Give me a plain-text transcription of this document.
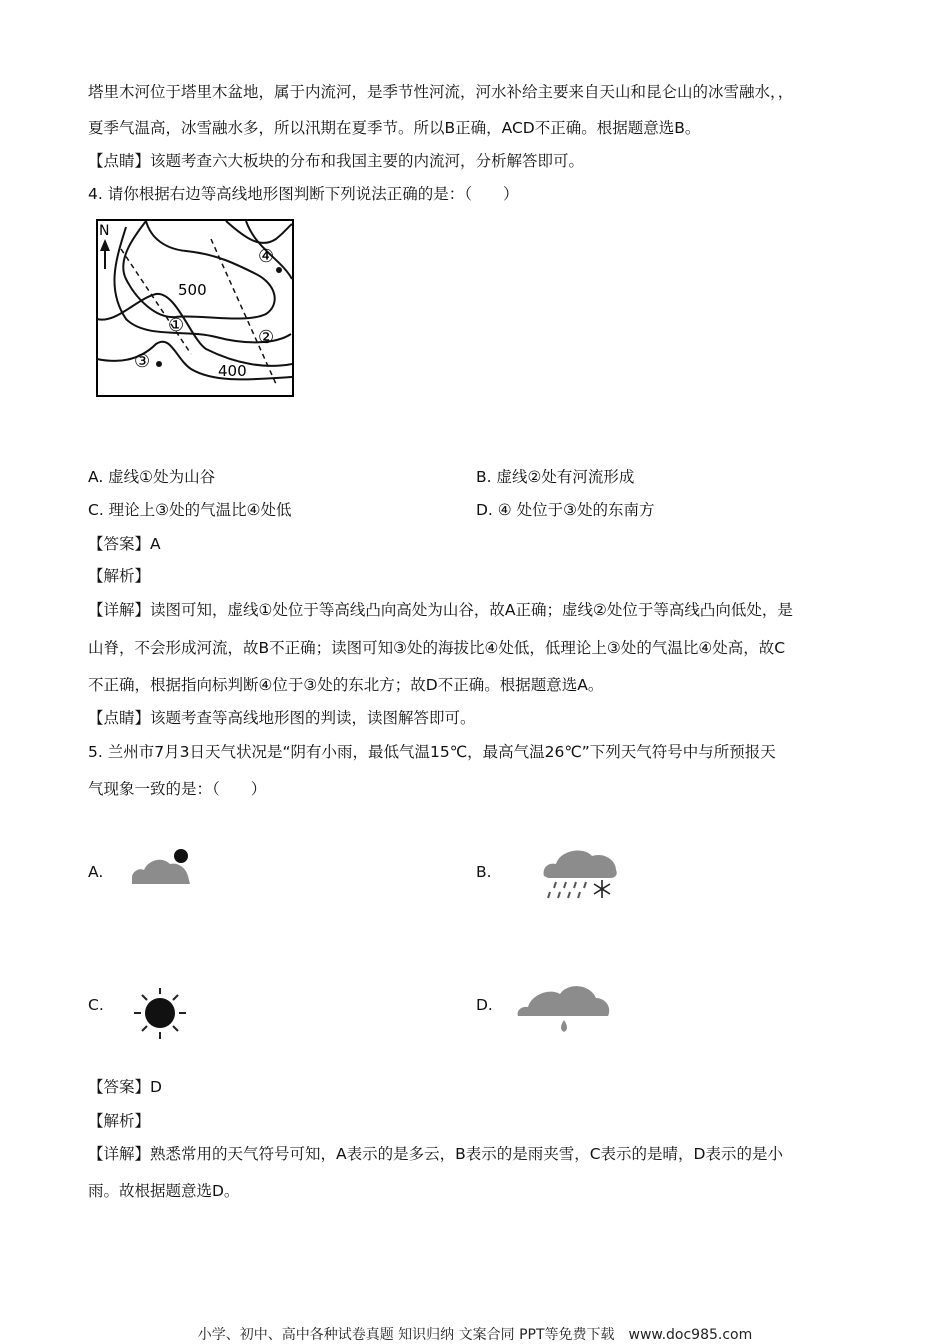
塔里木河位于塔里木盆地，属于内流河，是季节性河流，河水补给主要来自天山和昆仑山的冰雪融水，，
夏季气温高，冰雪融水多，所以汛期在夏季节。所以B正确，ACD不正确。根据题意选B。
【点睛】该题考查六大板块的分布和我国主要的内流河，分析解答即可。
4. 请你根据右边等高线地形图判断下列说法正确的是：（　　）
N
500
400
①
②
③
④
A. 虚线①处为山谷	B. 虚线②处有河流形成
C. 理论上③处的气温比④处低	D. ④ 处位于③处的东南方
【答案】A
【解析】
【详解】读图可知，虚线①处位于等高线凸向高处为山谷，故A正确；虚线②处位于等高线凸向低处，是
山脊，不会形成河流，故B不正确；读图可知③处的海拔比④处低，低理论上③处的气温比④处高，故C
不正确，根据指向标判断④位于③处的东北方；故D不正确。根据题意选A。
【点睛】该题考查等高线地形图的判读，读图解答即可。
5. 兰州市7月3日天气状况是“阴有小雨，最低气温15℃，最高气温26℃”下列天气符号中与所预报天
气现象一致的是：（　　）
A.	B.
C.	D.
【答案】D
【解析】
【详解】熟悉常用的天气符号可知，A表示的是多云，B表示的是雨夹雪，C表示的是晴，D表示的是小
雨。故根据题意选D。
小学、初中、高中各种试卷真题 知识归纳 文案合同 PPT等免费下载　www.doc985.com
